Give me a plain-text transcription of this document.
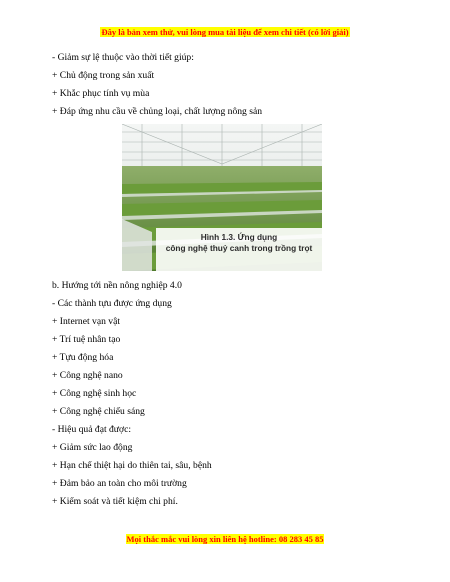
Đây là bản xem thử, vui lòng mua tài liệu để xem chi tiết (có lời giải)
- Giảm sự lệ thuộc vào thời tiết giúp:
+ Chủ động trong sản xuất
+ Khắc phục tính vụ mùa
+ Đáp ứng nhu cầu về chủng loại, chất lượng nông sản
Hình 1.3. Ứng dụng
công nghệ thuỷ canh trong trồng trọt
b. Hướng tới nền nông nghiệp 4.0
- Các thành tựu được ứng dụng
+ Internet vạn vật
+ Trí tuệ nhân tạo
+ Tựu động hóa
+ Công nghệ nano
+ Công nghệ sinh học
+ Công nghệ chiếu sáng
- Hiệu quả đạt được:
+ Giảm sức lao động
+ Hạn chế thiệt hại do thiên tai, sâu, bệnh
+ Đảm bảo an toàn cho môi trường
+ Kiểm soát và tiết kiệm chi phí.
Mọi thắc mắc vui lòng xin liên hệ hotline: 08 283 45 85
